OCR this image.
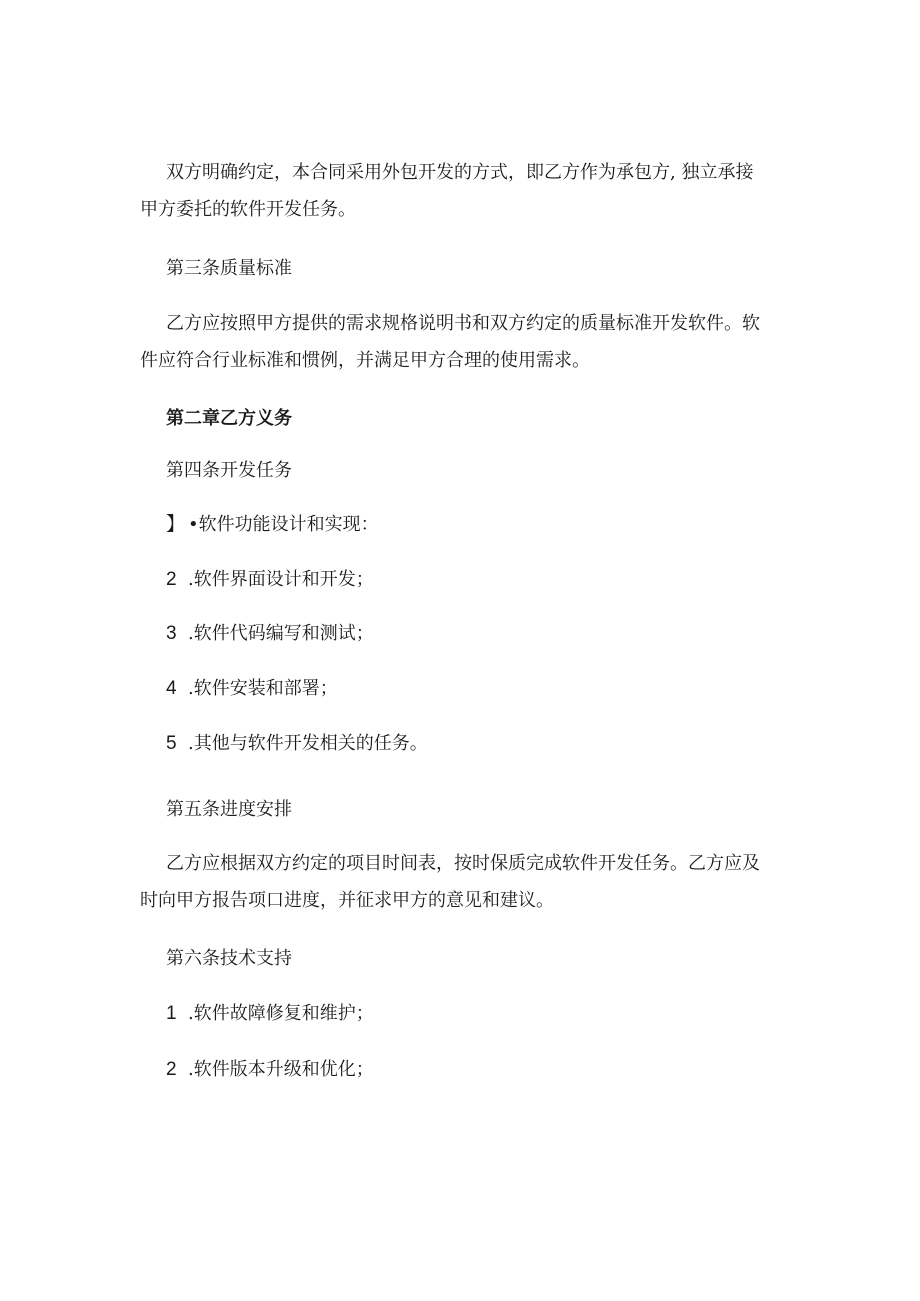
双方明确约定，本合同采用外包开发的方式，即乙方作为承包方, 独立承接
甲方委托的软件开发任务。
第三条质量标准
乙方应按照甲方提供的需求规格说明书和双方约定的质量标准开发软件。软
件应符合行业标准和惯例，并满足甲方合理的使用需求。
第二章乙方义务
第四条开发任务
】 •软件功能设计和实现：
2 .软件界面设计和开发；
3 .软件代码编写和测试；
4 .软件安装和部署；
5 .其他与软件开发相关的任务。
第五条进度安排
乙方应根据双方约定的项目时间表，按时保质完成软件开发任务。乙方应及
时向甲方报告项口进度，并征求甲方的意见和建议。
第六条技术支持
1 .软件故障修复和维护；
2 .软件版本升级和优化；
